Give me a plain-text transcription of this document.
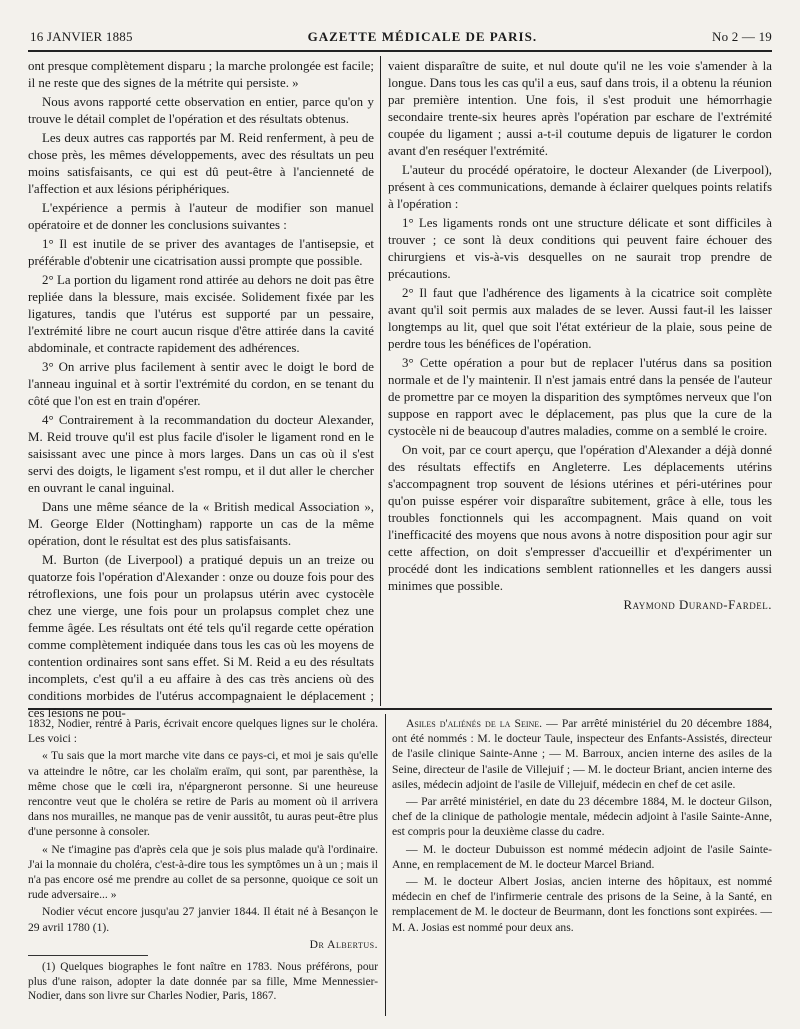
16 JANVIER 1885	GAZETTE MÉDICALE DE PARIS.	No 2 — 19

ont presque complètement disparu ; la marche prolongée est facile; il ne reste que des signes de la métrite qui persiste. »

Nous avons rapporté cette observation en entier, parce qu'on y trouve le détail complet de l'opération et des résultats obtenus.

Les deux autres cas rapportés par M. Reid renferment, à peu de chose près, les mêmes développements, avec des résultats un peu moins satisfaisants, ce qui est dû peut-être à l'ancienneté de l'affection et aux lésions périphériques.

L'expérience a permis à l'auteur de modifier son manuel opératoire et de donner les conclusions suivantes :

1° Il est inutile de se priver des avantages de l'antisepsie, et préférable d'obtenir une cicatrisation aussi prompte que possible.

2° La portion du ligament rond attirée au dehors ne doit pas être repliée dans la blessure, mais excisée. Solidement fixée par les ligatures, tandis que l'utérus est supporté par un pessaire, l'extrémité libre ne court aucun risque d'être attirée dans la cavité abdominale, et contracte rapidement des adhérences.

3° On arrive plus facilement à sentir avec le doigt le bord de l'anneau inguinal et à sortir l'extrémité du cordon, en se tenant du côté que l'on est en train d'opérer.

4° Contrairement à la recommandation du docteur Alexander, M. Reid trouve qu'il est plus facile d'isoler le ligament rond en le saisissant avec une pince à mors larges. Dans un cas où il s'est servi des doigts, le ligament s'est rompu, et il dut aller le chercher en ouvrant le canal inguinal.

Dans une même séance de la « British medical Association », M. George Elder (Nottingham) rapporte un cas de la même opération, dont le résultat est des plus satisfaisants.

M. Burton (de Liverpool) a pratiqué depuis un an treize ou quatorze fois l'opération d'Alexander : onze ou douze fois pour des rétroflexions, une fois pour un prolapsus utérin avec cystocèle chez une vierge, une fois pour un prolapsus complet chez une femme âgée. Les résultats ont été tels qu'il regarde cette opération comme complètement indiquée dans tous les cas où les moyens de contention ordinaires sont sans effet. Si M. Reid a eu des résultats incomplets, c'est qu'il a eu affaire à des cas très anciens où des conditions morbides de l'utérus accompagnaient le déplacement ; ces lésions ne pou-

vaient disparaître de suite, et nul doute qu'il ne les voie s'amender à la longue. Dans tous les cas qu'il a eus, sauf dans trois, il a obtenu la réunion par première intention. Une fois, il s'est produit une hémorrhagie secondaire trente-six heures après l'opération par eschare de l'extrémité coupée du ligament ; aussi a-t-il coutume depuis de ligaturer le cordon avant d'en reséquer l'extrémité.

L'auteur du procédé opératoire, le docteur Alexander (de Liverpool), présent à ces communications, demande à éclairer quelques points relatifs à l'opération :

1° Les ligaments ronds ont une structure délicate et sont difficiles à trouver ; ce sont là deux conditions qui peuvent faire échouer des chirurgiens et vis-à-vis desquelles on ne saurait trop prendre de précautions.

2° Il faut que l'adhérence des ligaments à la cicatrice soit complète avant qu'il soit permis aux malades de se lever. Aussi faut-il les laisser longtemps au lit, quel que soit l'état extérieur de la plaie, sous peine de perdre tous les bénéfices de l'opération.

3° Cette opération a pour but de replacer l'utérus dans sa position normale et de l'y maintenir. Il n'est jamais entré dans la pensée de l'auteur de promettre par ce moyen la disparition des symptômes nerveux que l'on suppose en rapport avec le déplacement, pas plus que la cure de la cystocèle ni de beaucoup d'autres maladies, comme on a semblé le croire.

On voit, par ce court aperçu, que l'opération d'Alexander a déjà donné des résultats effectifs en Angleterre. Les déplacements utérins s'accompagnent trop souvent de lésions utérines et péri-utérines pour qu'on puisse espérer voir disparaître subitement, grâce à elle, tous les troubles fonctionnels qui les accompagnent. Mais quand on voit l'inefficacité des moyens que nous avons à notre disposition pour agir sur cette affection, on doit s'empresser d'accueillir et d'expérimenter un procédé dont les indications semblent rationnelles et les dangers aussi minimes que possible.

Raymond Durand-Fardel.

1832, Nodier, rentré à Paris, écrivait encore quelques lignes sur le choléra. Les voici :

« Tu sais que la mort marche vite dans ce pays-ci, et moi je sais qu'elle va atteindre le nôtre, car les cholaïm eraïm, qui sont, par parenthèse, la même chose que le cœli ira, n'épargneront personne. Si une heureuse rencontre veut que le choléra se retire de Paris au moment où il arrivera dans nos murailles, ne manque pas de venir aussitôt, tu auras peut-être plus d'une personne à consoler.

« Ne t'imagine pas d'après cela que je sois plus malade qu'à l'ordinaire. J'ai la monnaie du choléra, c'est-à-dire tous les symptômes un à un ; mais il n'a pas encore osé me prendre au collet de sa personne, quoique ce soit un rude adversaire... »

Nodier vécut encore jusqu'au 27 janvier 1844. Il était né à Besançon le 29 avril 1780 (1).

Dr Albertus.

(1) Quelques biographes le font naître en 1783. Nous préférons, pour plus d'une raison, adopter la date donnée par sa fille, Mme Mennessier-Nodier, dans son livre sur Charles Nodier, Paris, 1867.

Asiles d'aliénés de la Seine. — Par arrêté ministériel du 20 décembre 1884, ont été nommés : M. le docteur Taule, inspecteur des Enfants-Assistés, directeur de l'asile clinique Sainte-Anne ; — M. Barroux, ancien interne des asiles de la Seine, directeur de l'asile de Villejuif ; — M. le docteur Briant, ancien interne des asiles, médecin adjoint de l'asile de Villejuif, médecin en chef de cet asile.

— Par arrêté ministériel, en date du 23 décembre 1884, M. le docteur Gilson, chef de la clinique de pathologie mentale, médecin adjoint à l'asile Sainte-Anne, est compris pour la deuxième classe du cadre.

— M. le docteur Dubuisson est nommé médecin adjoint de l'asile Sainte-Anne, en remplacement de M. le docteur Marcel Briand.

— M. le docteur Albert Josias, ancien interne des hôpitaux, est nommé médecin en chef de l'infirmerie centrale des prisons de la Seine, à la Santé, en remplacement de M. le docteur de Beurmann, dont les fonctions sont expirées. — M. A. Josias est nommé pour deux ans.
